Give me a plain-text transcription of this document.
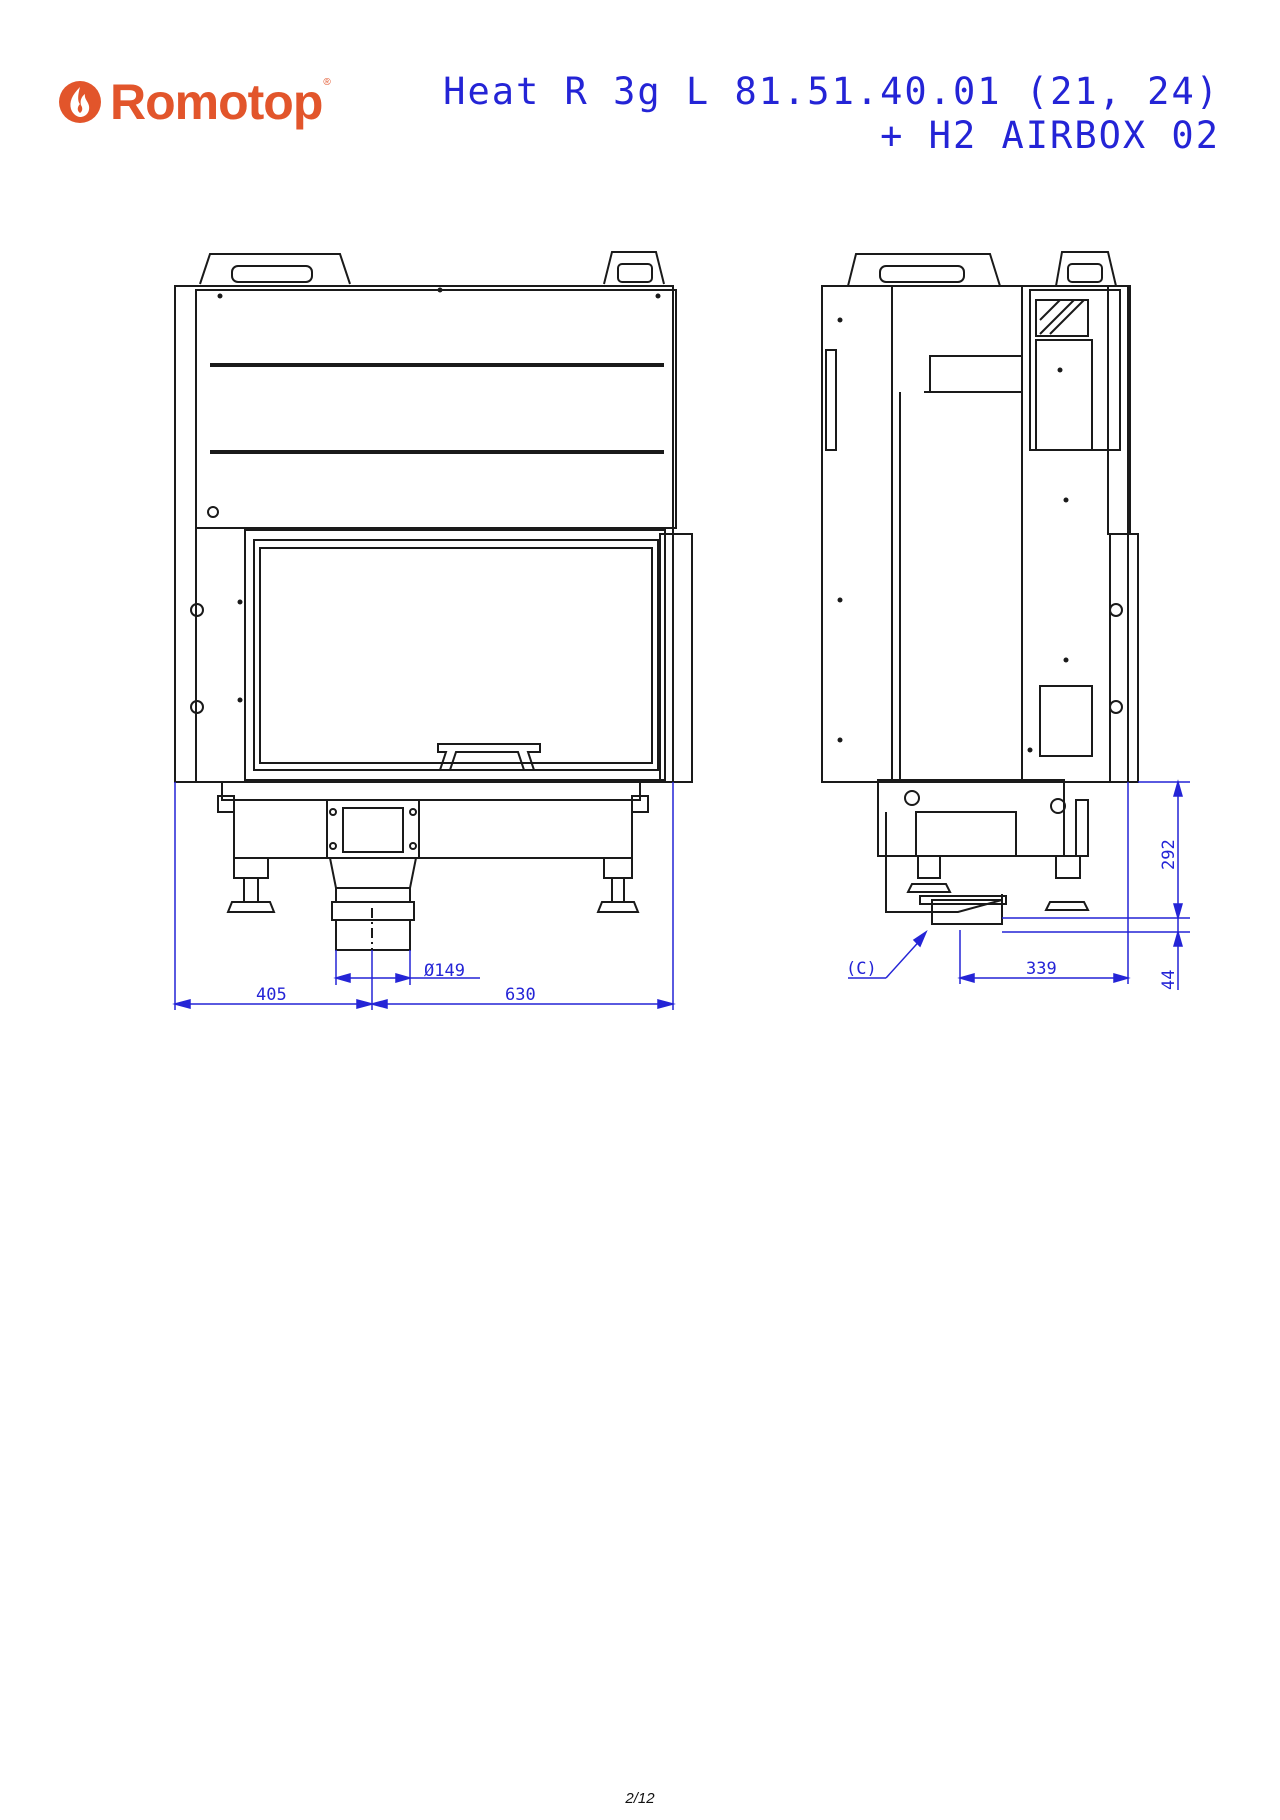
Romotop ®	Heat R 3g L 81.51.40.01 (21, 24)
+ H2 AIRBOX 02
Ø149
405	630
339
(C)
292
44
2/12
